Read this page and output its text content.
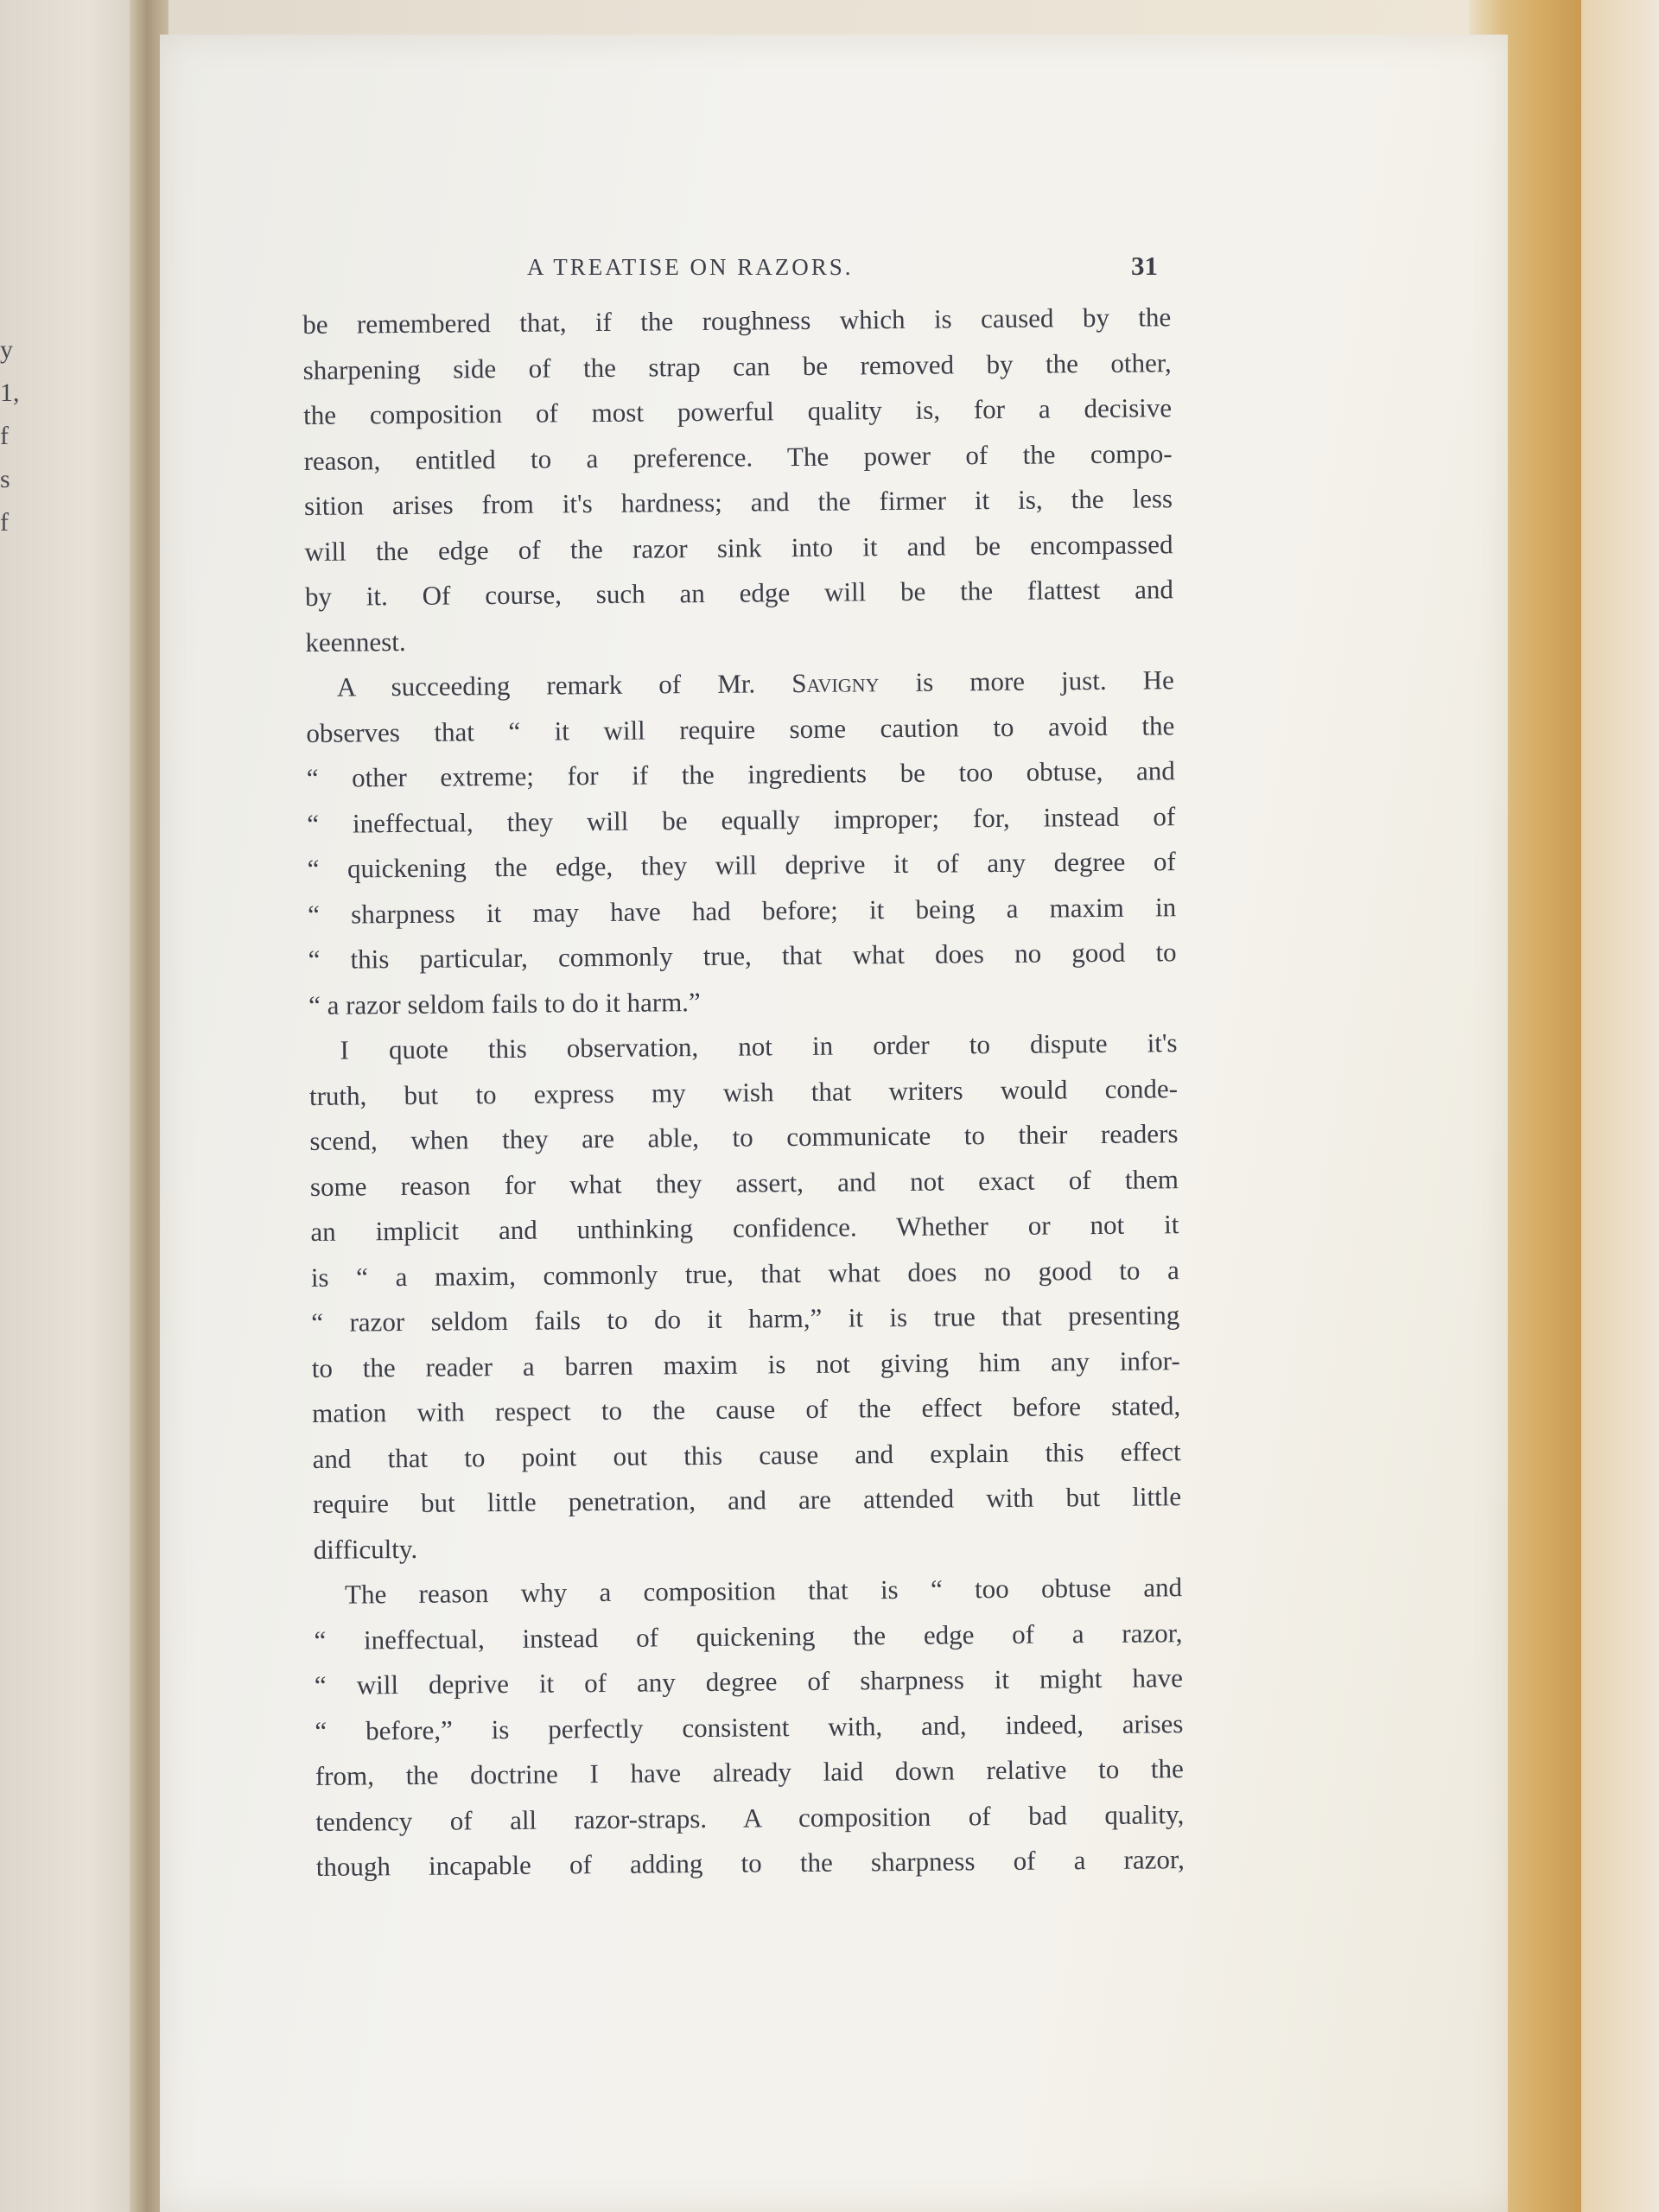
y
1,
f
s
f
A TREATISE ON RAZORS.	31
be remembered that, if the roughness which is caused by the
sharpening side of the strap can be removed by the other,
the composition of most powerful quality is, for a decisive
reason, entitled to a preference. The power of the compo-
sition arises from it's hardness; and the firmer it is, the less
will the edge of the razor sink into it and be encompassed
by it. Of course, such an edge will be the flattest and
keennest.
A succeeding remark of Mr. Savigny is more just. He
observes that “ it will require some caution to avoid the
“ other extreme; for if the ingredients be too obtuse, and
“ ineffectual, they will be equally improper; for, instead of
“ quickening the edge, they will deprive it of any degree of
“ sharpness it may have had before; it being a maxim in
“ this particular, commonly true, that what does no good to
“ a razor seldom fails to do it harm.”
I quote this observation, not in order to dispute it's
truth, but to express my wish that writers would conde-
scend, when they are able, to communicate to their readers
some reason for what they assert, and not exact of them
an implicit and unthinking confidence. Whether or not it
is “ a maxim, commonly true, that what does no good to a
“ razor seldom fails to do it harm,” it is true that presenting
to the reader a barren maxim is not giving him any infor-
mation with respect to the cause of the effect before stated,
and that to point out this cause and explain this effect
require but little penetration, and are attended with but little
difficulty.
The reason why a composition that is “ too obtuse and
“ ineffectual, instead of quickening the edge of a razor,
“ will deprive it of any degree of sharpness it might have
“ before,” is perfectly consistent with, and, indeed, arises
from, the doctrine I have already laid down relative to the
tendency of all razor-straps. A composition of bad quality,
though incapable of adding to the sharpness of a razor,
